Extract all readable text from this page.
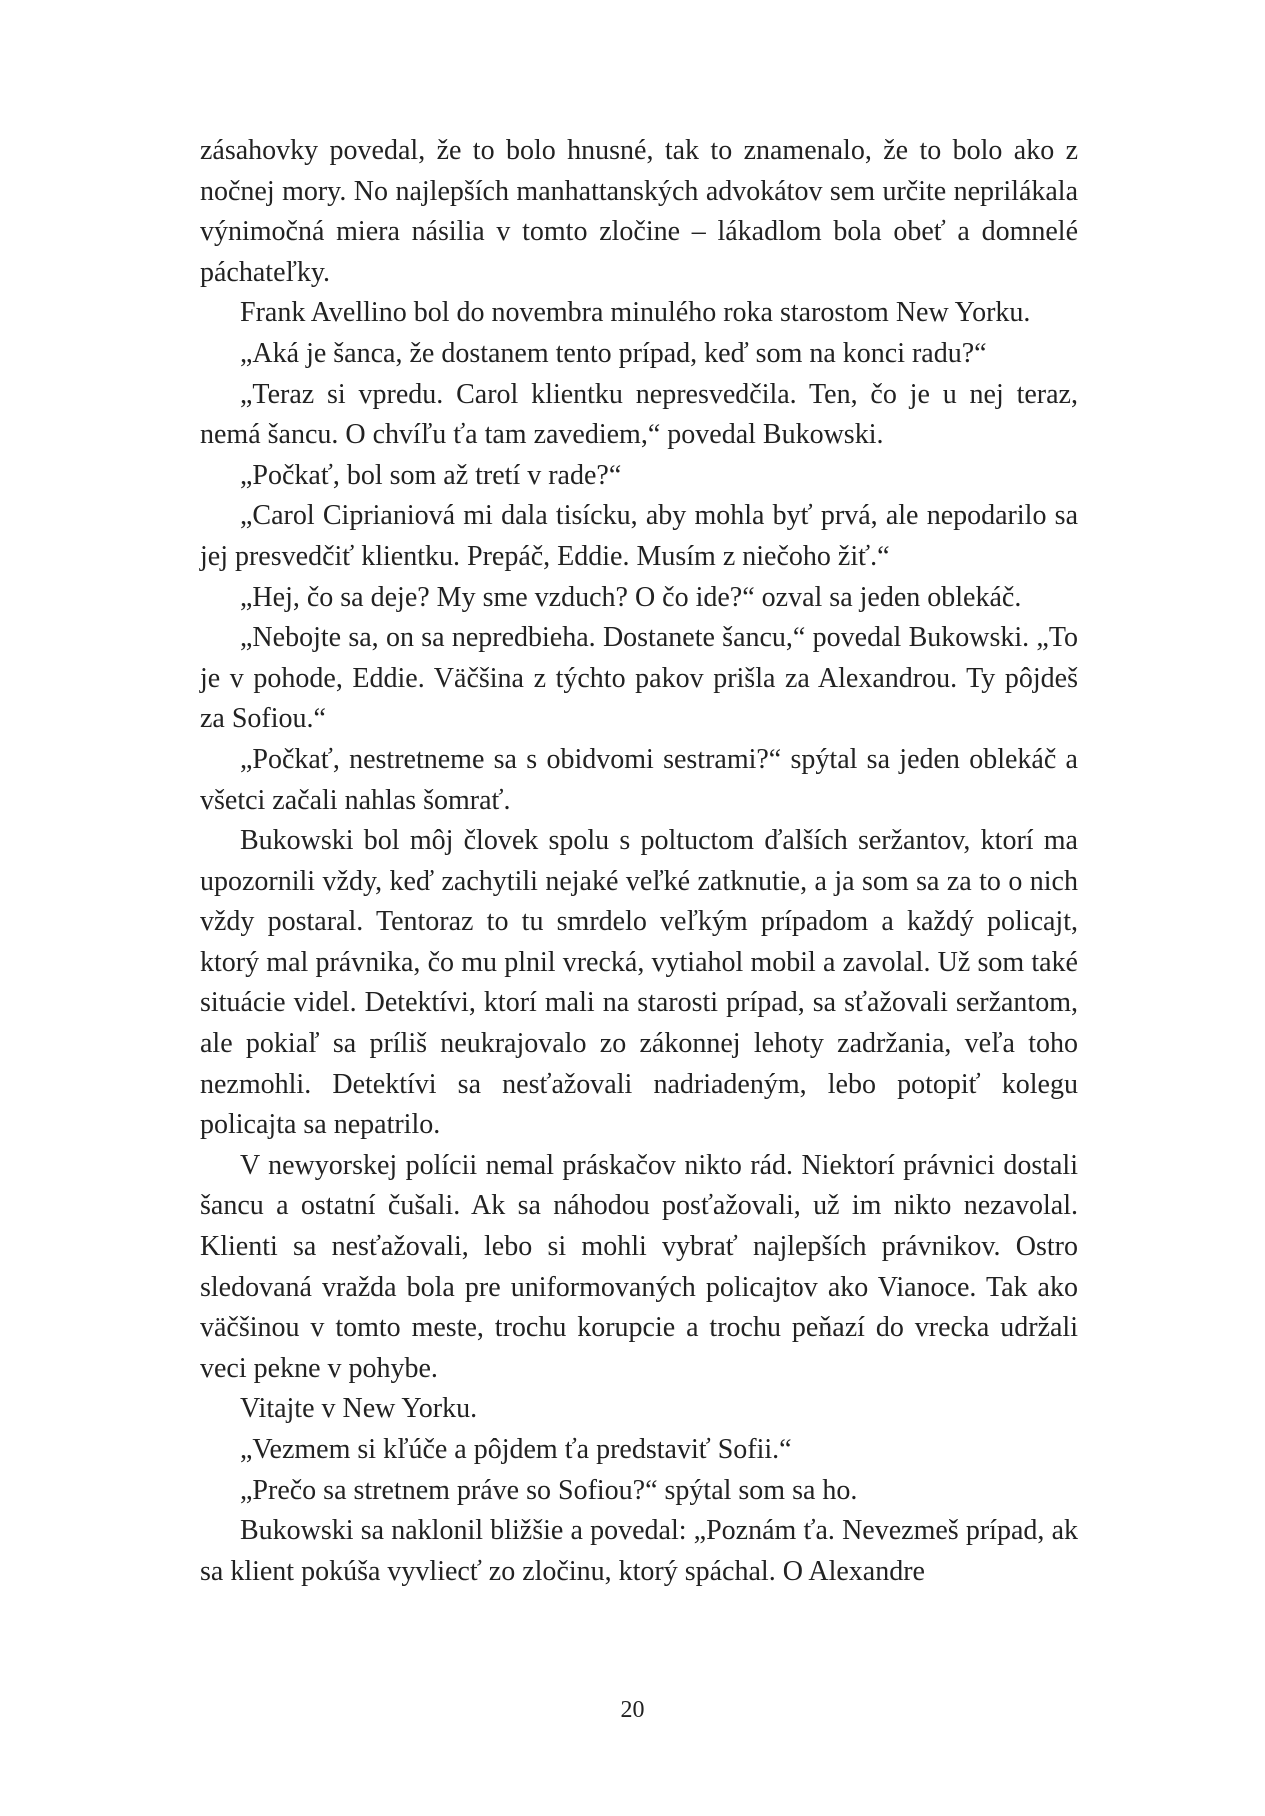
zásahovky povedal, že to bolo hnusné, tak to znamenalo, že to bolo ako z nočnej mory. No najlepších manhattanských advokátov sem určite neprilákala výnimočná miera násilia v tomto zločine – lákadlom bola obeť a domnelé páchateľky.

Frank Avellino bol do novembra minulého roka starostom New Yorku.

„Aká je šanca, že dostanem tento prípad, keď som na konci radu?“

„Teraz si vpredu. Carol klientku nepresvedčila. Ten, čo je u nej teraz, nemá šancu. O chvíľu ťa tam zavediem,“ povedal Bukowski.

„Počkať, bol som až tretí v rade?“

„Carol Ciprianiová mi dala tisícku, aby mohla byť prvá, ale nepodarilo sa jej presvedčiť klientku. Prepáč, Eddie. Musím z niečoho žiť.“

„Hej, čo sa deje? My sme vzduch? O čo ide?“ ozval sa jeden oblekáč.

„Nebojte sa, on sa nepredbieha. Dostanete šancu,“ povedal Bukowski. „To je v pohode, Eddie. Väčšina z týchto pakov prišla za Alexandrou. Ty pôjdeš za Sofiou.“

„Počkať, nestretneme sa s obidvomi sestrami?“ spýtal sa jeden oblekáč a všetci začali nahlas šomrať.

Bukowski bol môj človek spolu s poltuctom ďalších seržantov, ktorí ma upozornili vždy, keď zachytili nejaké veľké zatknutie, a ja som sa za to o nich vždy postaral. Tentoraz to tu smrdelo veľkým prípadom a každý policajt, ktorý mal právnika, čo mu plnil vrecká, vytiahol mobil a zavolal. Už som také situácie videl. Detektívi, ktorí mali na starosti prípad, sa sťažovali seržantom, ale pokiaľ sa príliš neukrajovalo zo zákonnej lehoty zadržania, veľa toho nezmohli. Detektívi sa nesťažovali nadriadeným, lebo potopiť kolegu policajta sa nepatrilo.

V newyorskej polícii nemal práskačov nikto rád. Niektorí právnici dostali šancu a ostatní čušali. Ak sa náhodou posťažovali, už im nikto nezavolal. Klienti sa nesťažovali, lebo si mohli vybrať najlepších právnikov. Ostro sledovaná vražda bola pre uniformovaných policajtov ako Vianoce. Tak ako väčšinou v tomto meste, trochu korupcie a trochu peňazí do vrecka udržali veci pekne v pohybe.

Vitajte v New Yorku.

„Vezmem si kľúče a pôjdem ťa predstaviť Sofii.“

„Prečo sa stretnem práve so Sofiou?“ spýtal som sa ho.

Bukowski sa naklonil bližšie a povedal: „Poznám ťa. Nevezmeš prípad, ak sa klient pokúša vyvliecť zo zločinu, ktorý spáchal. O Alexandre

20
